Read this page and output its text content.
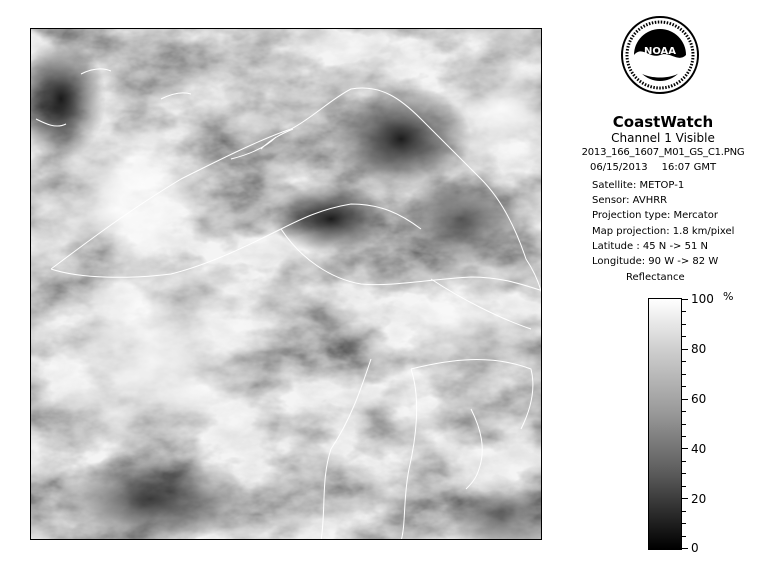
NOAA
CoastWatch
Channel 1 Visible
2013_166_1607_M01_GS_C1.PNG
06/15/2013 16:07 GMT
Satellite: METOP-1
Sensor: AVHRR
Projection type: Mercator
Map projection: 1.8 km/pixel
Latitude : 45 N -> 51 N
Longitude: 90 W -> 82 W
Reflectance
%
100
80
60
40
20
0
